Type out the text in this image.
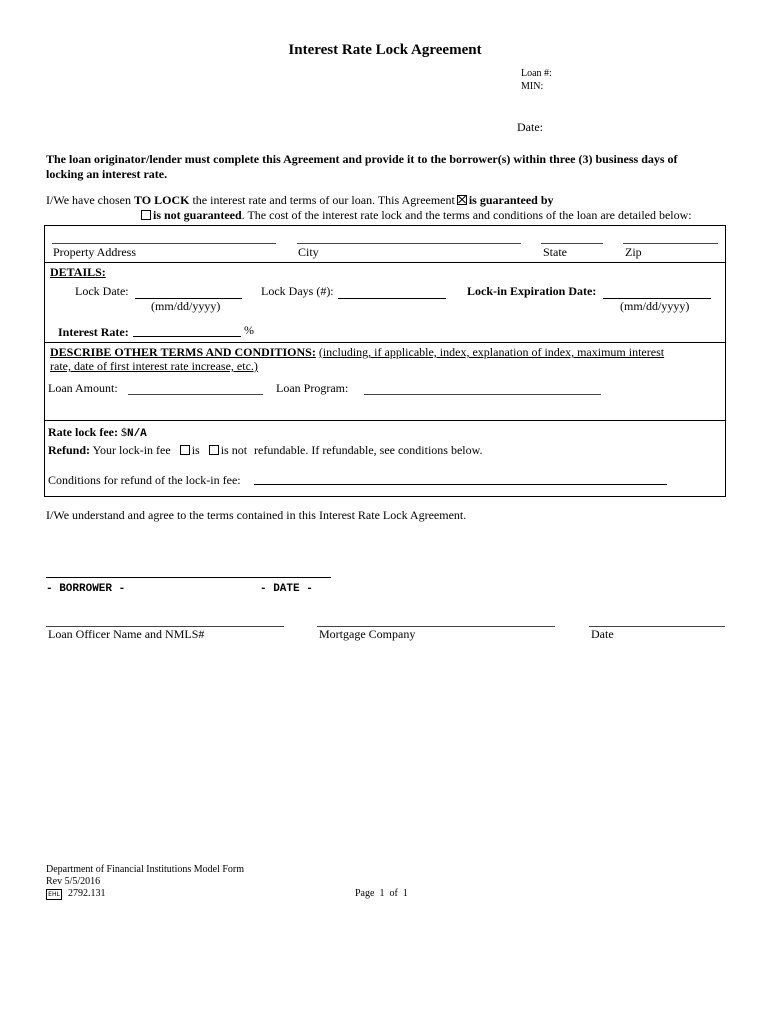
Interest Rate Lock Agreement
Loan #:
MIN:
Date:
The loan originator/lender must complete this Agreement and provide it to the borrower(s) within three (3) business days of
locking an interest rate.
I/We have chosen TO LOCK the interest rate and terms of our loan. This Agreement is guaranteed by
is not guaranteed. The cost of the interest rate lock and the terms and conditions of the loan are detailed below:
Property Address	City	State	Zip
DETAILS:
Lock Date:
(mm/dd/yyyy)
Lock Days (#):	Lock-in Expiration Date:
(mm/dd/yyyy)
Interest Rate:	%
DESCRIBE OTHER TERMS AND CONDITIONS: (including, if applicable, index, explanation of index, maximum interest
rate, date of first interest rate increase, etc.)
Loan Amount:	Loan Program:
Rate lock fee: $N/A
Refund: Your lock-in fee is is not refundable. If refundable, see conditions below.
Conditions for refund of the lock-in fee:
I/We understand and agree to the terms contained in this Interest Rate Lock Agreement.
- BORROWER -	- DATE -
Loan Officer Name and NMLS#	Mortgage Company	Date
Department of Financial Institutions Model Form
Rev 5/5/2016
EHL 2792.131	Page  1  of  1
